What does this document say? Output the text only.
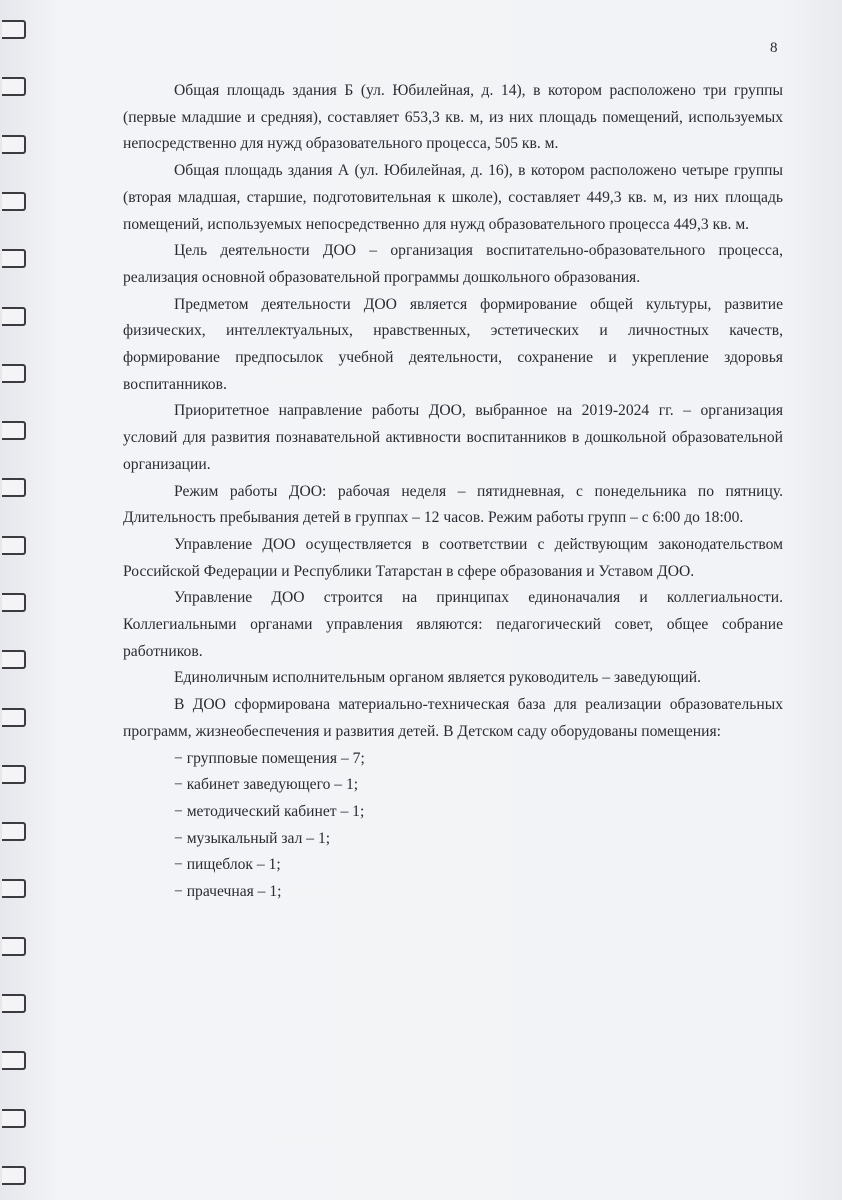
8

Общая площадь здания Б (ул. Юбилейная, д. 14), в котором расположено три группы (первые младшие и средняя), составляет 653,3 кв. м, из них площадь помещений, используемых непосредственно для нужд образовательного процесса, 505 кв. м.

Общая площадь здания А (ул. Юбилейная, д. 16), в котором расположено четыре группы (вторая младшая, старшие, подготовительная к школе), составляет 449,3 кв. м, из них площадь помещений, используемых непосредственно для нужд образовательного процесса 449,3 кв. м.

Цель деятельности ДОО – организация воспитательно-образовательного процесса, реализация основной образовательной программы дошкольного образования.

Предметом деятельности ДОО является формирование общей культуры, развитие физических, интеллектуальных, нравственных, эстетических и личностных качеств, формирование предпосылок учебной деятельности, сохранение и укрепление здоровья воспитанников.

Приоритетное направление работы ДОО, выбранное на 2019-2024 гг. – организация условий для развития познавательной активности воспитанников в дошкольной образовательной организации.

Режим работы ДОО: рабочая неделя – пятидневная, с понедельника по пятницу. Длительность пребывания детей в группах – 12 часов. Режим работы групп – с 6:00 до 18:00.

Управление ДОО осуществляется в соответствии с действующим законодательством Российской Федерации и Республики Татарстан в сфере образования и Уставом ДОО.

Управление ДОО строится на принципах единоначалия и коллегиальности. Коллегиальными органами управления являются: педагогический совет, общее собрание работников.

Единоличным исполнительным органом является руководитель – заведующий.

В ДОО сформирована материально-техническая база для реализации образовательных программ, жизнеобеспечения и развития детей. В Детском саду оборудованы помещения:

− групповые помещения – 7;

− кабинет заведующего – 1;

− методический кабинет – 1;

− музыкальный зал – 1;

− пищеблок – 1;

− прачечная – 1;
